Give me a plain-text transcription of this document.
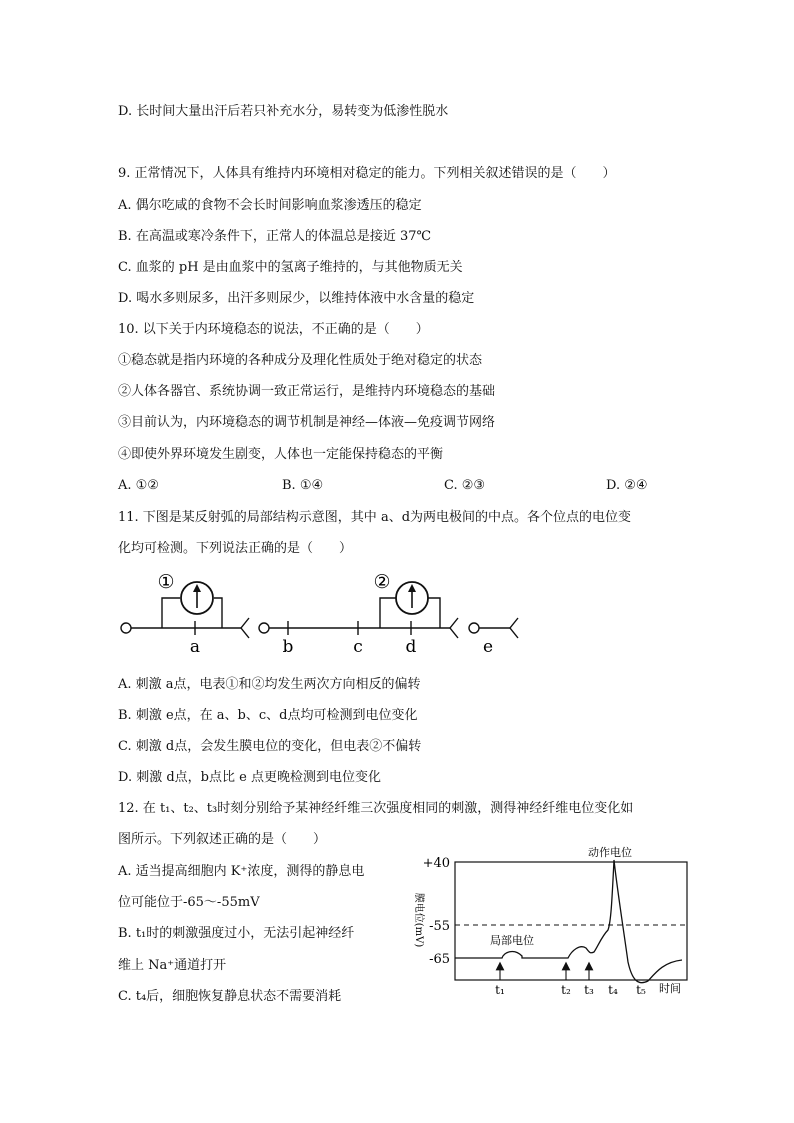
D. 长时间大量出汗后若只补充水分，易转变为低渗性脱水
9. 正常情况下，人体具有维持内环境相对稳定的能力。下列相关叙述错误的是（　　）
A. 偶尔吃咸的食物不会长时间影响血浆渗透压的稳定
B. 在高温或寒冷条件下，正常人的体温总是接近 37℃
C. 血浆的 pH 是由血浆中的氢离子维持的，与其他物质无关
D. 喝水多则尿多，出汗多则尿少，以维持体液中水含量的稳定
10. 以下关于内环境稳态的说法，不正确的是（　　）
①稳态就是指内环境的各种成分及理化性质处于绝对稳定的状态
②人体各器官、系统协调一致正常运行，是维持内环境稳态的基础
③目前认为，内环境稳态的调节机制是神经—体液—免疫调节网络
④即使外界环境发生剧变，人体也一定能保持稳态的平衡
A. ①②	B. ①④	C. ②③	D. ②④
11. 下图是某反射弧的局部结构示意图，其中 a、d为两电极间的中点。各个位点的电位变
化均可检测。下列说法正确的是（　　）
①	②
a	b	c	d	e
A. 刺激 a点，电表①和②均发生两次方向相反的偏转
B. 刺激 e点，在 a、b、c、d点均可检测到电位变化
C. 刺激 d点，会发生膜电位的变化，但电表②不偏转
D. 刺激 d点，b点比 e 点更晚检测到电位变化
12. 在 t₁、t₂、t₃时刻分别给予某神经纤维三次强度相同的刺激，测得神经纤维电位变化如
图所示。下列叙述正确的是（　　）
A. 适当提高细胞内 K⁺浓度，测得的静息电
位可能位于-65～-55mV
B. t₁时的刺激强度过小，无法引起神经纤
维上 Na⁺通道打开
C. t₄后，细胞恢复静息状态不需要消耗
+40
-55
-65
膜电位(mV)
t₁	t₂ t₃ t₄ t₅ 时间
动作电位
局部电位
